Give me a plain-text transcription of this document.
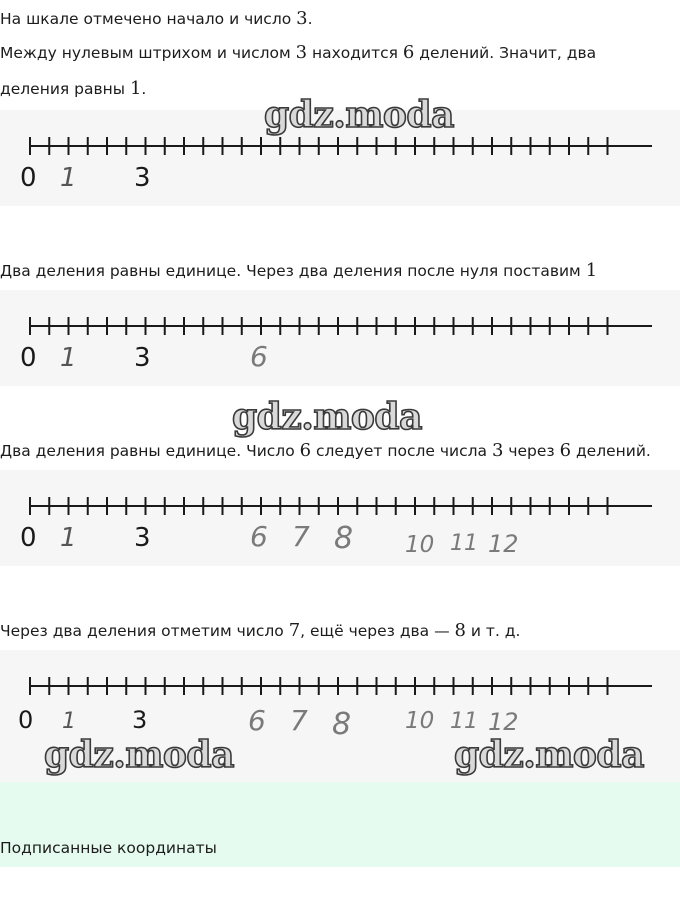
На шкале отмечено начало и число 3.

Между нулевым штрихом и числом 3 находится 6 делений. Значит, два

деления равны 1.

0 1 3

Два деления равны единице. Через два деления после нуля поставим 1

0 1 3	6

Два деления равны единице. Число 6 следует после числа 3 через 6 делений.

0 1 3	6 7 8 10 11 12

Через два деления отметим число 7, ещё через два — 8 и т. д.

0 1 3	6 7 8 10 11 12
gdz.moda
gdz.moda
gdz.moda	gdz.moda
Подписанные координаты
